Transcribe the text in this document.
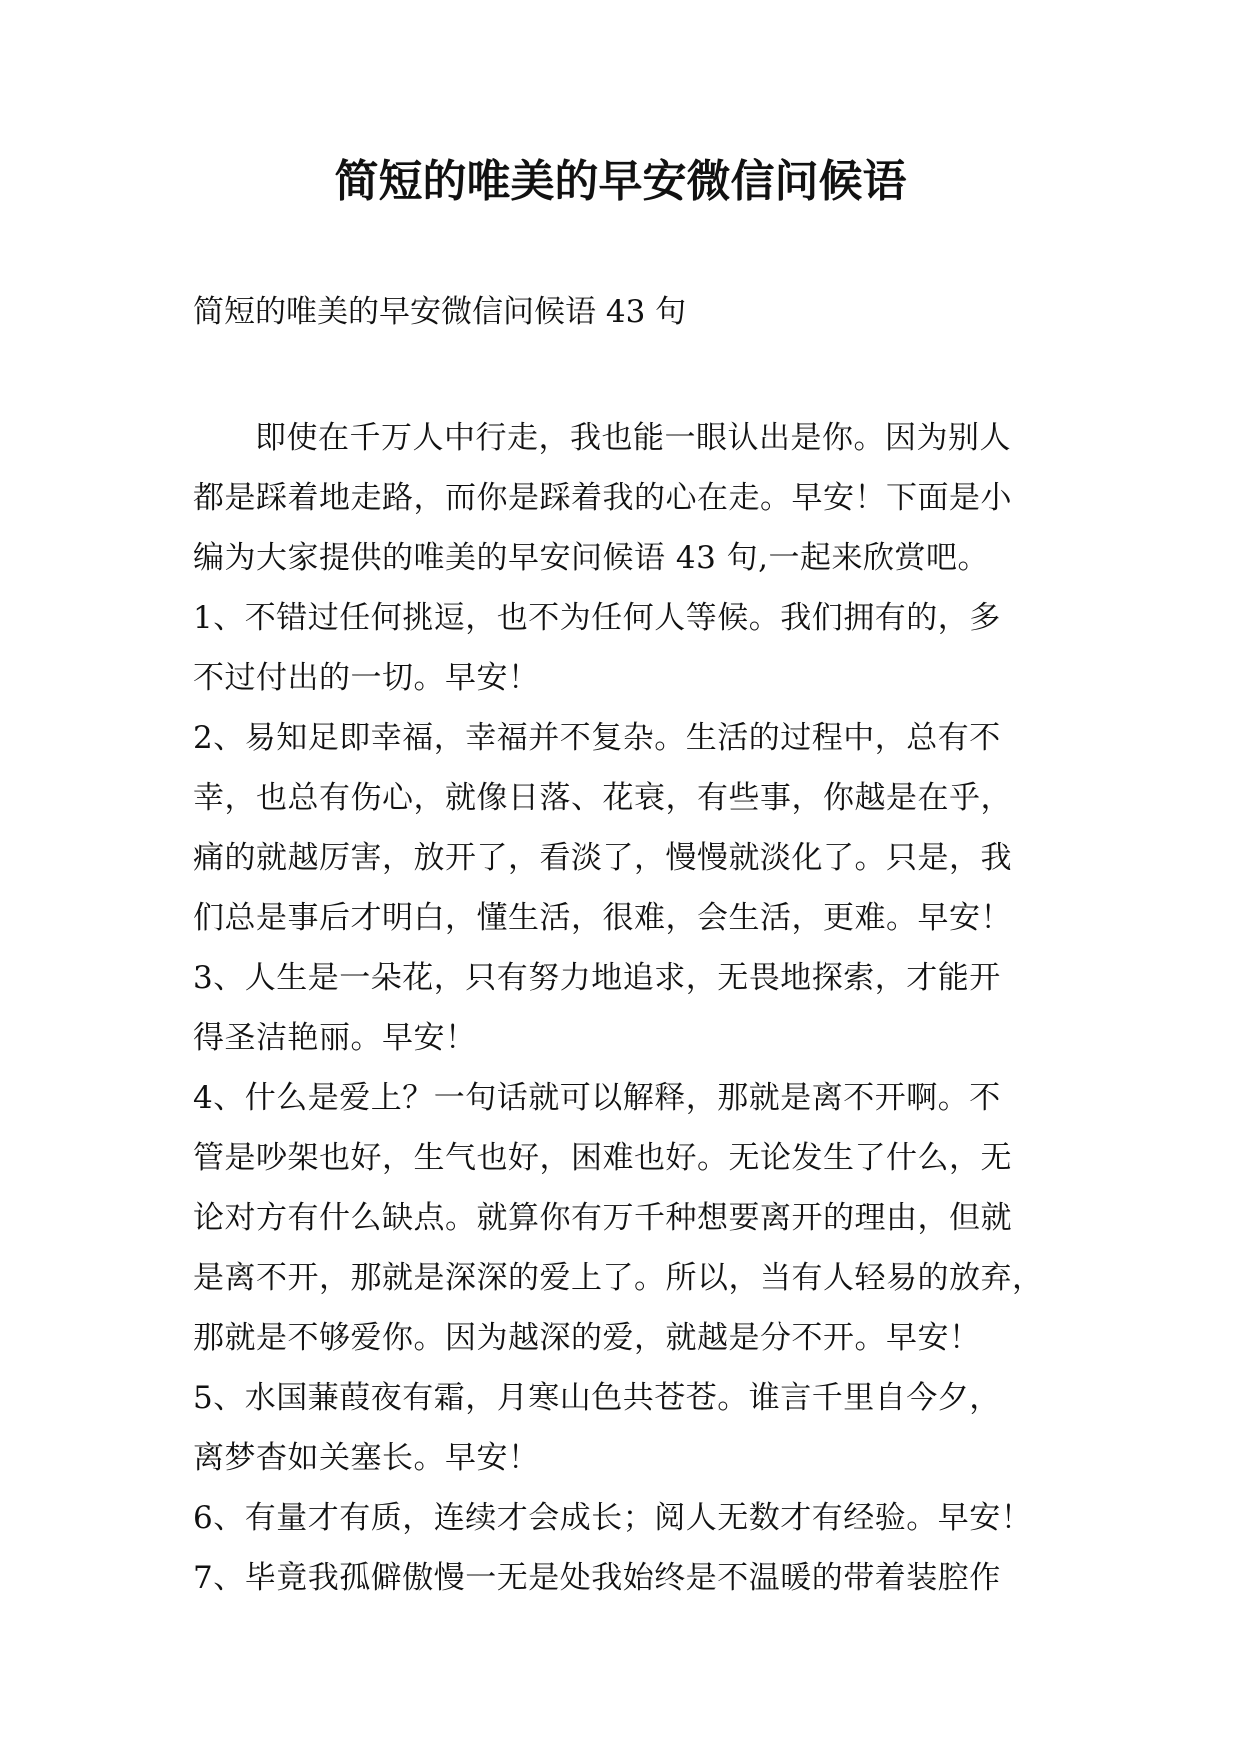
简短的唯美的早安微信问候语
简短的唯美的早安微信问候语 43 句
即使在千万人中行走，我也能一眼认出是你。因为别人
都是踩着地走路，而你是踩着我的心在走。早安！下面是小
编为大家提供的唯美的早安问候语 43 句,一起来欣赏吧。
1、不错过任何挑逗，也不为任何人等候。我们拥有的，多
不过付出的一切。早安！
2、易知足即幸福，幸福并不复杂。生活的过程中，总有不
幸，也总有伤心，就像日落、花衰，有些事，你越是在乎，
痛的就越厉害，放开了，看淡了，慢慢就淡化了。只是，我
们总是事后才明白，懂生活，很难，会生活，更难。早安！
3、人生是一朵花，只有努力地追求，无畏地探索，才能开
得圣洁艳丽。早安！
4、什么是爱上？一句话就可以解释，那就是离不开啊。不
管是吵架也好，生气也好，困难也好。无论发生了什么，无
论对方有什么缺点。就算你有万千种想要离开的理由，但就
是离不开，那就是深深的爱上了。所以，当有人轻易的放弃，
那就是不够爱你。因为越深的爱，就越是分不开。早安！
5、水国蒹葭夜有霜，月寒山色共苍苍。谁言千里自今夕，
离梦杳如关塞长。早安！
6、有量才有质，连续才会成长；阅人无数才有经验。早安！
7、毕竟我孤僻傲慢一无是处我始终是不温暖的带着装腔作
